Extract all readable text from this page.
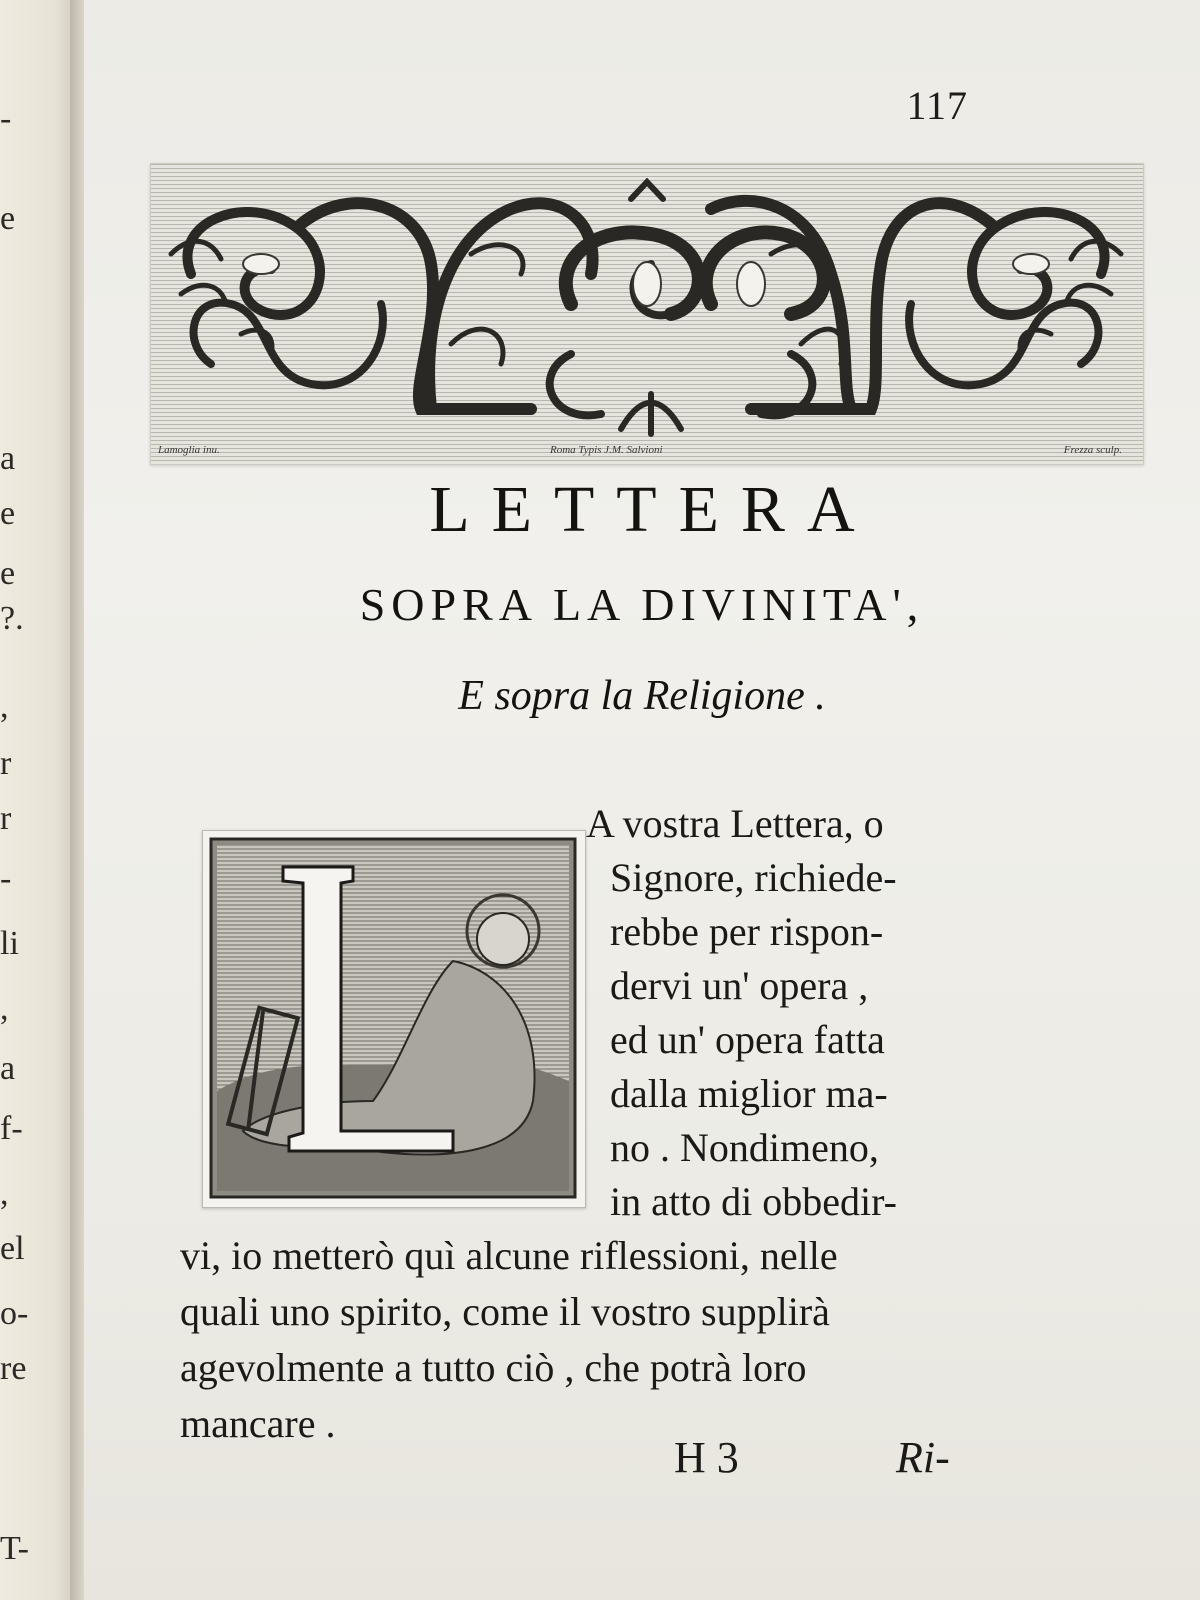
-
e
a
e
e
?.
,
r
r
-
li
,
a
f-
,
el
o-
re
T-
117
Lamoglia inu.	Roma Typis J.M. Salvioni	Frezza sculp.
LETTERA
SOPRA LA DIVINITA',
E sopra la Religione .
A vostra Lettera, o
Signore, richiede-
rebbe per rispon-
dervi un' opera ,
ed un' opera fatta
dalla miglior ma-
no . Nondimeno,
in atto di obbedir-
vi, io metterò quì alcune riflessioni, nelle
quali uno spirito, come il vostro supplirà
agevolmente a tutto ciò , che potrà loro
mancare .
H 3	Ri-
